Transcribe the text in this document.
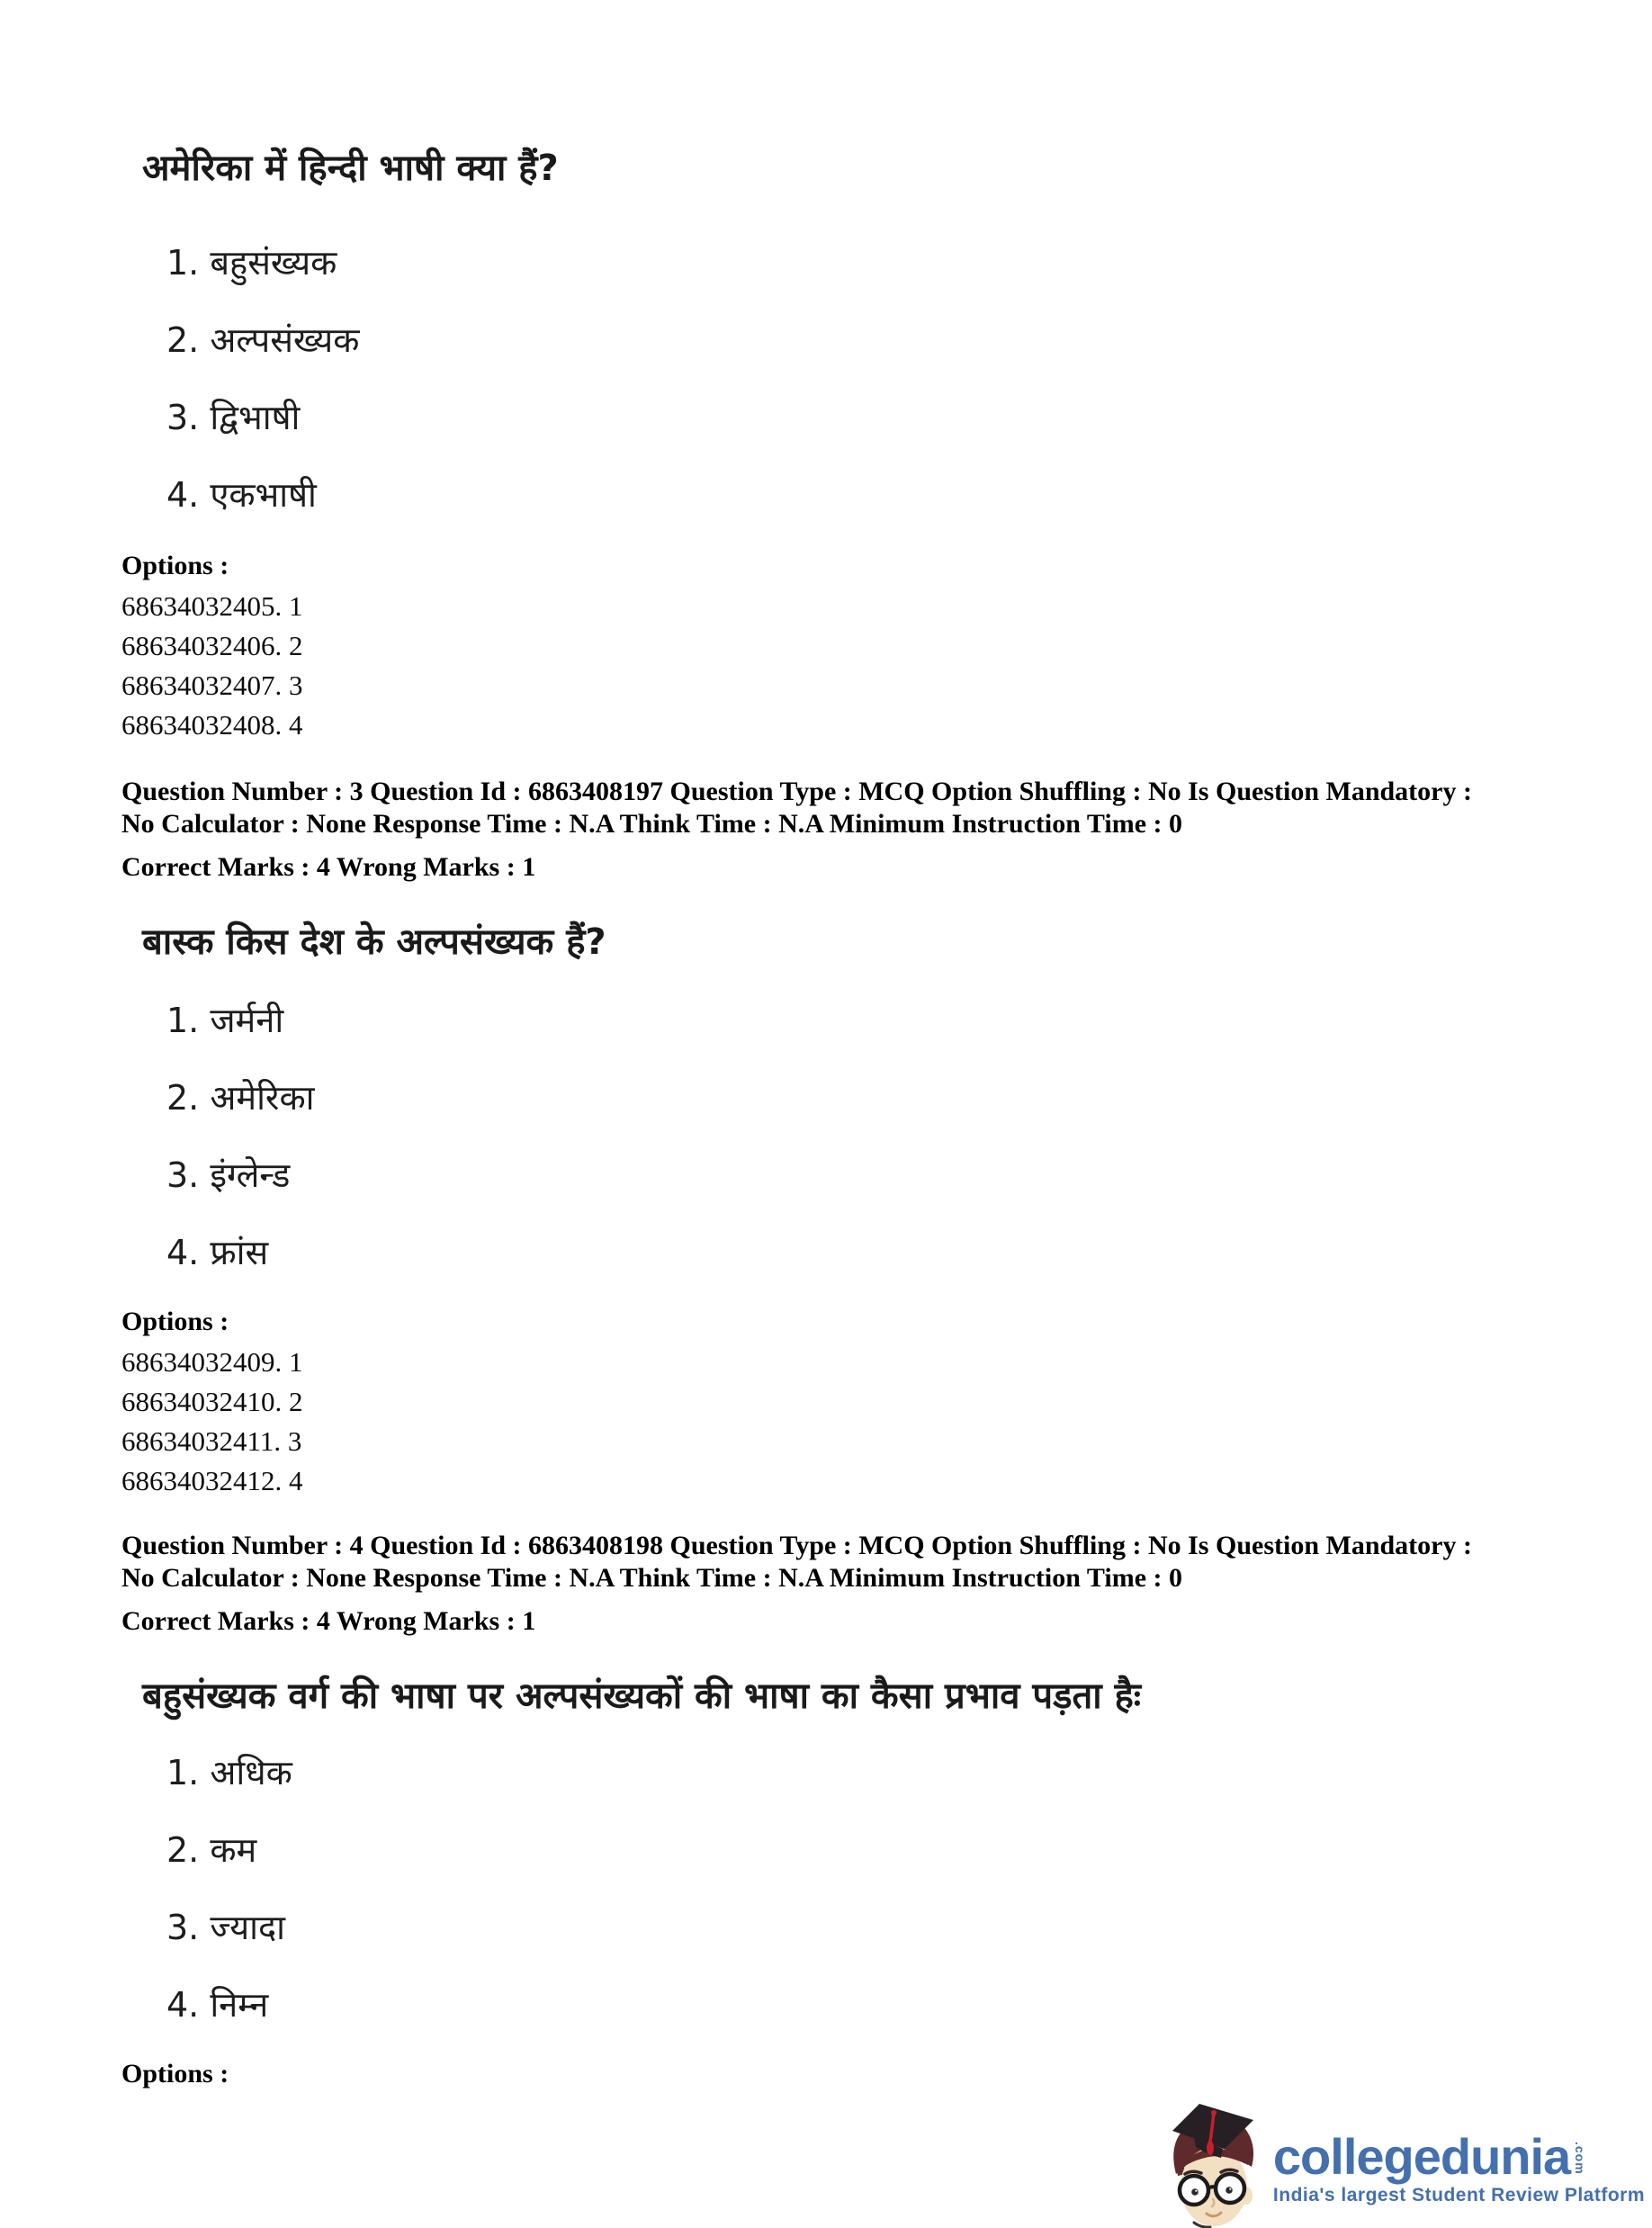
अमेरिका में हिन्दी भाषी क्या हैं?
1. बहुसंख्यक
2. अल्पसंख्यक
3. द्विभाषी
4. एकभाषी
Options :
68634032405. 1
68634032406. 2
68634032407. 3
68634032408. 4
Question Number : 3 Question Id : 6863408197 Question Type : MCQ Option Shuffling : No Is Question Mandatory :
No Calculator : None Response Time : N.A Think Time : N.A Minimum Instruction Time : 0
Correct Marks : 4 Wrong Marks : 1
बास्क किस देश के अल्पसंख्यक हैं?
1. जर्मनी
2. अमेरिका
3. इंग्लेन्ड
4. फ्रांस
Options :
68634032409. 1
68634032410. 2
68634032411. 3
68634032412. 4
Question Number : 4 Question Id : 6863408198 Question Type : MCQ Option Shuffling : No Is Question Mandatory :
No Calculator : None Response Time : N.A Think Time : N.A Minimum Instruction Time : 0
Correct Marks : 4 Wrong Marks : 1
बहुसंख्यक वर्ग की भाषा पर अल्पसंख्यकों की भाषा का कैसा प्रभाव पड़ता हैः
1. अधिक
2. कम
3. ज्यादा
4. निम्न
Options :
collegedunia .com
India's largest Student Review Platform
